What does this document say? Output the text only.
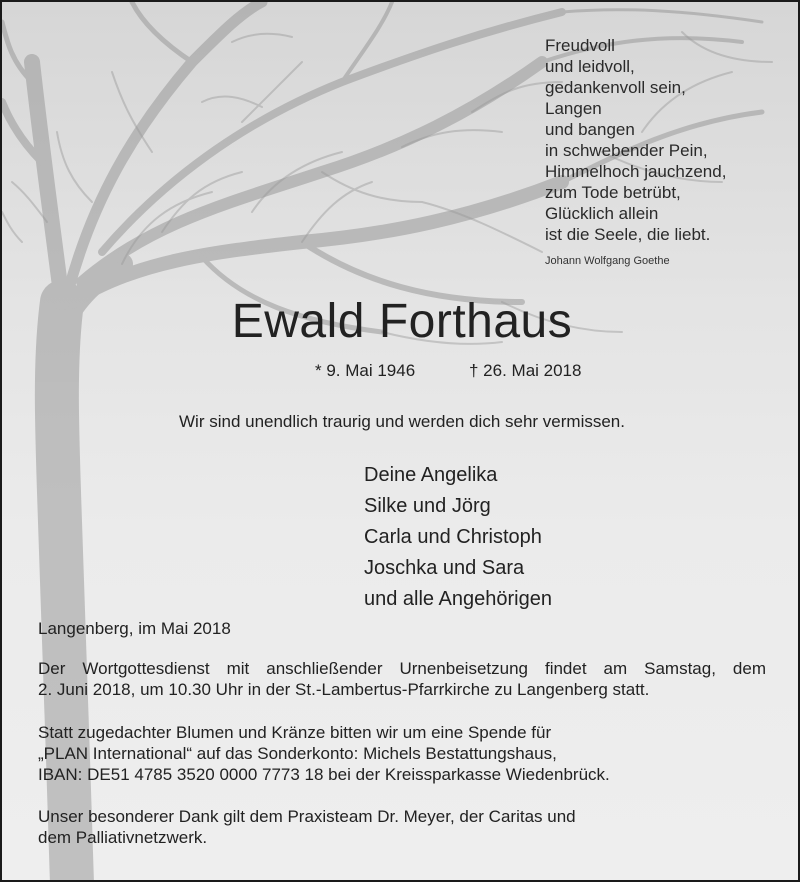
Freudvoll
und leidvoll,
gedankenvoll sein,
Langen
und bangen
in schwebender Pein,
Himmelhoch jauchzend,
zum Tode betrübt,
Glücklich allein
ist die Seele, die liebt.
Johann Wolfgang Goethe
Ewald Forthaus
* 9. Mai 1946	† 26. Mai 2018
Wir sind unendlich traurig und werden dich sehr vermissen.
Deine Angelika
Silke und Jörg
Carla und Christoph
Joschka und Sara
und alle Angehörigen
Langenberg, im Mai 2018

Der Wortgottesdienst mit anschließender Urnenbeisetzung findet am Samstag, dem
2. Juni 2018, um 10.30 Uhr in der St.-Lambertus-Pfarrkirche zu Langenberg statt.

Statt zugedachter Blumen und Kränze bitten wir um eine Spende für
„PLAN International“ auf das Sonderkonto: Michels Bestattungshaus,
IBAN: DE51 4785 3520 0000 7773 18 bei der Kreissparkasse Wiedenbrück.

Unser besonderer Dank gilt dem Praxisteam Dr. Meyer, der Caritas und
dem Palliativnetzwerk.
